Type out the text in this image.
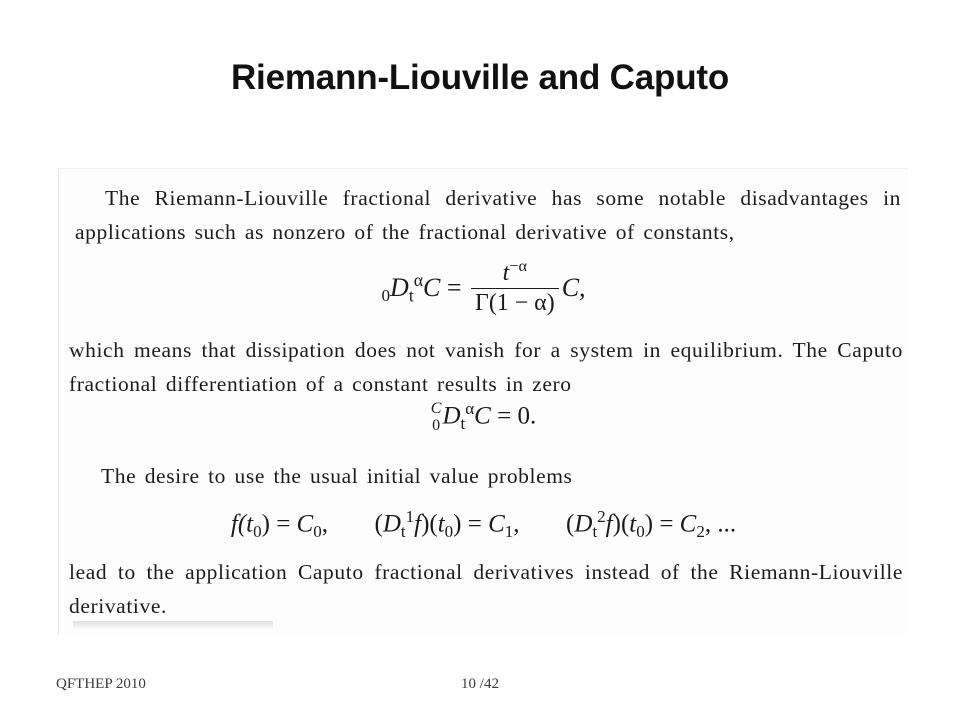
Riemann-Liouville and Caputo
The Riemann-Liouville fractional derivative has some notable disadvantages in applications such as nonzero of the fractional derivative of constants,
$0D_t^\alpha C = \frac{t^{-\alpha}}{\Gamma(1 - \alpha)} C$,
which means that dissipation does not vanish for a system in equilibrium. The Caputo fractional differentiation of a constant results in zero
C
0 $D_t^\alpha C = 0$.
The desire to use the usual initial value problems
$f(t_0) = C_0$, $(D_t^1f)(t_0) = C_1$, $(D_t^2f)(t_0) = C_2$, ...
lead to the application Caputo fractional derivatives instead of the Riemann-Liouville derivative.
QFTHEP 2010	10 /42
